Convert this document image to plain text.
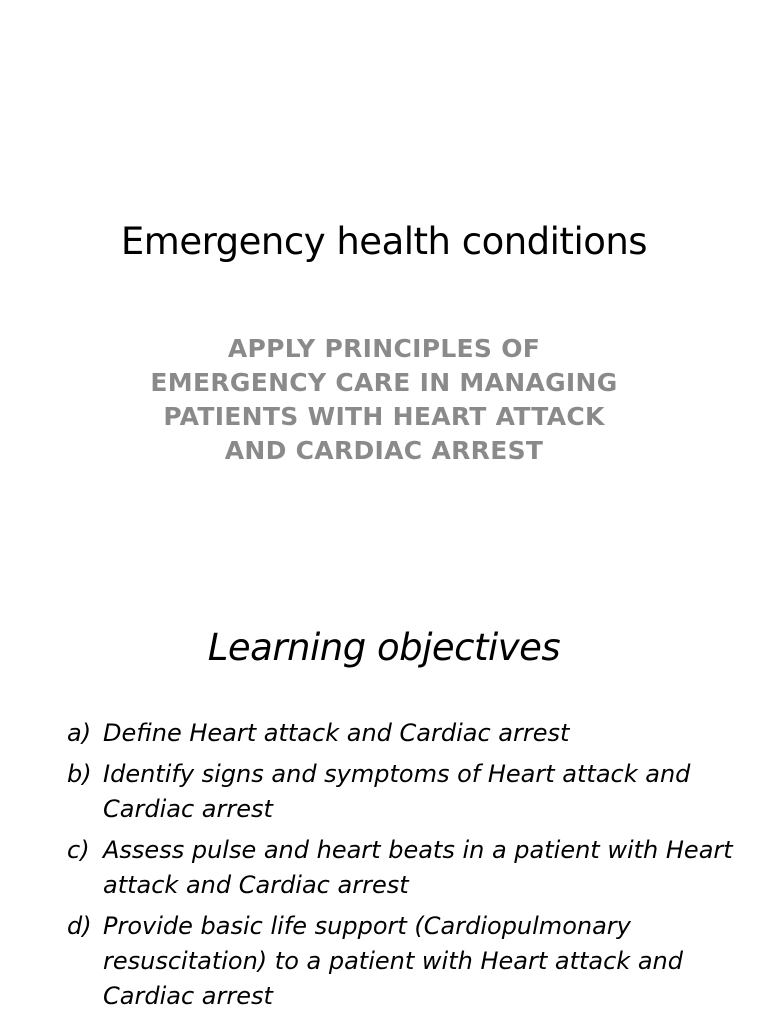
Emergency health conditions
APPLY PRINCIPLES OF
EMERGENCY CARE IN MANAGING
PATIENTS WITH HEART ATTACK
AND CARDIAC ARREST
Learning objectives
a) Define Heart attack and Cardiac arrest
b) Identify signs and symptoms of Heart attack and Cardiac arrest
c) Assess pulse and heart beats in a patient with Heart attack and Cardiac arrest
d) Provide basic life support (Cardiopulmonary resuscitation) to a patient with Heart attack and Cardiac arrest
